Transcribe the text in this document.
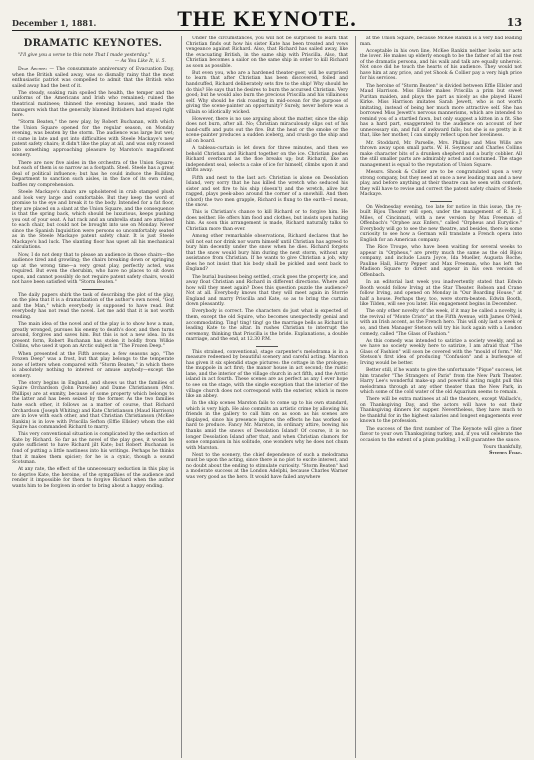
December 1, 1881.	THE KEYNOTE.	13
DRAMATIC KEYNOTES.
"I'll give you a verse to this note That I made yesterday."
— As You Like It, ii. 5.

Dear Archer: — The consummate anniversary of Evacuation Day, when the British sailed away, was so dismally rainy that the most enthusiastic patriot was compelled to admit that the British who sailed away had the best of it.

The steady, soaking rain spoiled the health, the temper and the uniforms of the Americans and Irish who remained; ruined the theatrical matinees; thinned the evening houses, and made the managers wish that the generally blamed Britishers had stayed right here.

"Storm Beaten," the new play, by Robert Buchanan, with which the Union Square opened for the regular season, on Monday evening, was beaten by the storm. The audience was large but wet; it came in late and got into difficulties with Steele Mackaye's new patent safety chairs; it didn't like the play at all, and was only roused into something approaching pleasure by Marston's magnificent scenery.

There are now five aisles in the orchestra of the Union Square; but each of them is so narrow as a footpath. Steel. Steele has a great deal of political influence; but has he could induce the Building Department to sanction such aisles, in the face of its own rules, baffles my comprehension.

Steele Mackaye's chairs are upholstered in crab stamped plush and look very large and comfortable. But they keep the word of promise to the eye and break it to the body. Intended for a fat floor, they are placed on a slant at the Union Square, and the consequence is that the spring back, which should be luxurious, keeps pushing you out of your seat. A hat rack and an umbrella stand are attached to each chair, but could not be brought into use on Monday. Never since the Spanish Inquisition were persons so uncomfortably seated as in the Steele Mackaye patent safety chair. It is just Steele Mackaye's bad luck. The slanting floor has upset all his mechanical calculations.

Now, I do not deny that to please an audience in those chairs—the audience tired and growling; the chairs breaking down or springing up at the wrong time—a very great play, perfectly acted, was required. But even the cherubim, who have no places to sit down upon, and cannot possibly do not require patent safety chairs, would not have been satisfied with "Storm Beaten."

The daily papers shirk the task of describing the plot of the play, on the plea that it is a dramatization of the author's own novel, "God and the Man," which everybody is supposed to have read. But everybody has not read the novel. Let me add that it is not worth reading.

The main idea of the novel and of the play is to show how a man, greatly wronged, pursues his enemy to death's door, and then turns around, forgives and saves him. But this is not a new idea. In its present form, Robert Buchanan has stolen it boldly from Wilkie Collins, who used it upon an Arctic subject in "The Frozen Deep."

When presented at the Fifth avenue, a few seasons ago, "The Frozen Deep" was a frost, but that play belongs to the temperate zone of letters when compared with "Storm Beaten," in which there is absolutely nothing to interest or amuse anybody—except the scenery.

The story begins in England, and shows us that the families of Squire Orchardson (John Parselle) and Dame Christianson (Mrs. Phillips) are at enmity, because of some property which belongs to the latter and has been seized by the former. As the two families hate each other, it follows as a matter of course, that Richard Orchardson (Joseph Whiting) and Kate Christianson (Maud Harrison) are in love with each other, and that Christian Christianson (McKee Rankin) is in love with Priscilla Sefton (Effie Ellsler) whom the old Squire has commanded Richard to marry.

This very conventional situation is complicated by the seduction of Kate by Richard. So far as the novel of the play goes, it would be quite sufficient to have Richard jilt Kate; but Robert Buchanan is fond of putting a little nastiness into his writings. Perhaps he thinks that it makes them spicier; for he is a cynic, though a sound Scotsman.

At any rate, the effect of the unnecessary seduction in this play is to deprive Kate, the heroine, of the sympathies of the audience and render it impossible for them to forgive Richard when the author wants him to be forgiven in order to bring about a happy ending.

Under the circumstances, you will not be surprised to learn that Christian finds out how his sister Kate has been treated and vows vengeance against Richard. Also, that Richard has sailed away, like the evacuating British, in the same ship with Priscilla. Also, that Christian becomes a sailor on the same ship in order to kill Richard as soon as possible.

But even you, who are a hardened theater-goer, will be surprised to learn that after Christian has been discovered, foiled and handcuffed, Richard deliberately sets fire to the ship! Why should he do this? He says that he desires to burn the accursed Christian. Very good; but he would also burn the precious Priscilla and his villainous self. Why should he risk roasting in mid-ocean for the purpose of giving the scene-painter an opportunity? Surely, never before was a villain so idiotically wicked.

However, there is no use arguing about the matter, since the ship does not burn, after all. No; Christian miraculously slips out of his hand-cuffs and puts out the fire. But the heat or the smoke or the scene-painter produces a sudden iceberg, and crush go the ship and all on board.

A tableau-curtain is let down for three minutes, and then we behold Christian and Richard together on the ice. Christian pushes Richard overboard as the floe breaks up; but Richard, like an independent seal, selects a cake of ice for himself, climbs upon it and drifts away.

Fifth and next to the last act: Christian is alone on Desolation Island, very sorry that he has killed the wretch who seduced his sister and set fire to his ship (doesn't) and the wretch, alive but ragged, plays peek-aboo around the corner of a snowhill. And then (chord) the two men grapple, Richard is flung to the earth—I mean, the snow.

This is Christian's chance to kill Richard or to forgive him. He does neither. He offers him food and clothes, but insists upon hating him. As soon this arrangement is made, Richard naturally talks to Christian more than ever.

Among other remarkable observations, Richard declares that he will not eat nor drink nor warm himself until Christian has agreed to bury him decently under the snow when he dies. Richard forgets that the snow would bury him during the next storm, without any assistance from Christian. If he wants to give Christian a job, why does he not insist that his body shall be pickled and sent back to England?

The burial business being settled, crack goes the property ice, and away float Christian and Richard in different directions. Where and how will they meet again? Does this question puzzle the audience? Not at all. Everybody knows that they will meet again in Storrie England and marry Priscilla and Kate, so as to bring the curtain down pleasantly.

Everybody is correct. The characters do just what is expected of them, except the old Squire, who becomes unexpectedly genial and accommodating. Ting! ting! ting! go the marriage bells as Richard is leading Kate to the altar. In rushes Christian to interrupt the ceremony, thinking that Priscilla is the bride. Explanations, a double marriage, and the end, at 12.30 P.M.

This strained, conventional, stage carpenter's melodrama is in a measure redeemed by beautiful scenery and careful acting. Marston has given it six splendid stage pictures: the cottage in the prologue; the muppole in act first; the manor house in act second; the rustic lane, and the interior of the village church in act fifth, and the Arctic island in act fourth. These scenes are as perfect as any I ever hope to see on the stage, with the single exception that the interior of the village church does not correspond with the exterior, which is more like an abbey.

In the ship scenes Marston fails to come up to his own standard, which is very high. He also commits an artistic crime by allowing his friends in the gallery to call him on as soon as his scenes are displayed, since his presence injures the effects he has worked so hard to produce. Fancy Mr. Marston, in ordinary attire, bowing his thanks amid the snows of Desolation Island! Of course, it is no longer Desolation Island after that, and when Christian clamors for some companion in his solitude, one wonders why he does not chum with Marston.

Next to the scenery, the chief dependence of such a melodrama must be upon the acting, since there is no plot to excite interest, and no doubt about the ending to stimulate curiosity. "Storm Beaten" had a moderate success at the London Adelphi, because Charles Warner was very good as the hero. It would have failed anywhere

at the Union Square, because McKee Rankin is a very bad leading man.

Acceptable in his own line, McKee Rankin neither looks nor acts the lover. He makes up elderly enough to be the father of all the rest of the dramatis persona, and his walk and talk are equally unheroic. Not once did he touch the hearts of his audience. They would not have him at any price, and yet Shook & Collier pay a very high price for his services.

The heroine of "Storm Beaten" is divided between Effie Ellsler and Maud Harrison. Miss Ellsler makes Priscilla a prim but sweet Puritan maiden, and plays the part as nicely as she played Hazel Kirke. Miss Harrison imitates Sarah Jewett, who is not worth imitating, instead of being her much more attractive self. She has borrowed Miss Jewett's nervous mannerisms, which are intended to remind you of a startled fawn, but only suggest a kitten in a fit. She has a hard part, exaggerated to the audience on account of her unnecessary sin, and full of awkward falls; but she is so pretty in it that, like her mother, I can simply reflect upon her loveliness.

Mr. Stoddard, Mr. Parselle, Mrs. Phillips and Miss Wills are thrown away upon small parts. W. H. Seymour and Charles Collins make character bits of a drunken shepherd and a burly cobbler. All the still smaller parts are admirably acted and costumed. The stage management is equal to the reputation of Union Square.

Messrs. Shook & Collier are to be congratulated upon a very strong company, but they need at once a new leading man and a new play, and before anything at their theatre can be seen with comfort, they will have to revise and correct the patent safety chairs of Steele Mackaye.

On Wednesday evening, too late for notice in this issue, the re-built Bijou Theater will open, under the management of R. E. J. Miles, of Cincinnati, with a new version by Max Freeman of Offenbach's "Orphee aux Enfers," called "Orpheus and Eurydice." Everybody will go to see the new theatre, and besides, there is some curiosity to see how a German will translate a French opera into English for an American company.

The Rice Troupe, who have been waiting for several weeks to appear in "Orpheus," are pretty much the same as the old Bijou company, and include Laura Joyce, Ida Mueller, Augusta Roche, Pauline Hall, Harry Pepper and Max Freeman, who has left the Madison Square to direct and appear in his own version of Offenbach.

In an editorial last week you inadvertently stated that Edwin Booth would follow Irving at the Star Theater. Robson and Crane follow Irving, and opened on Monday in "Our Boarding House," at half a house. Perhaps they, too, were storm-beaten. Edwin Booth, like Tilden, will see you later. His engagement begins in December.

The only other novelty of the week, if it may be called a novelty, is the revival of "Monte Cristo" at the Fifth Avenue, with James O'Neil, with an Irish accent, as the French hero. This will only last a week or so, and then Manager Stetson will try his luck again with a London comedy, called "The Glass of Fashion."

As this comedy was intended to satirize a society weekly, and as we have no society weekly here to satirize, I am afraid that "The Glass of Fashion" will soon be covered with the "mould of form." Mr. Stetson's first idea of producing "Confusion" and a burlesque of Irving would be better.

Better still, if he wants to give the unfortunate "Pique" success, let him transfer "The Strangers of Paris" from the New Park Theater. Harry Lee's wonderful make-up and powerful acting might pull this melodrama through at any other theater than the New Park, in which some of the cold water of the old Aquarium seems to remain.

There will be extra matinees at all the theaters, except Wallack's, on Thanksgiving Day, and the actors will have to eat their Thanksgiving dinners for supper. Nevertheless, they have much to be thankful for in the highest salaries and longest engagements ever known to the profession.

The success of the first number of The Keynote will give a finer flavor to your own Thanksgiving turkey, and, if you will celebrate the occasion to the extent of a plum pudding, I will guarantee the sauce.

Yours thankfully,
Stephen Fiske.
